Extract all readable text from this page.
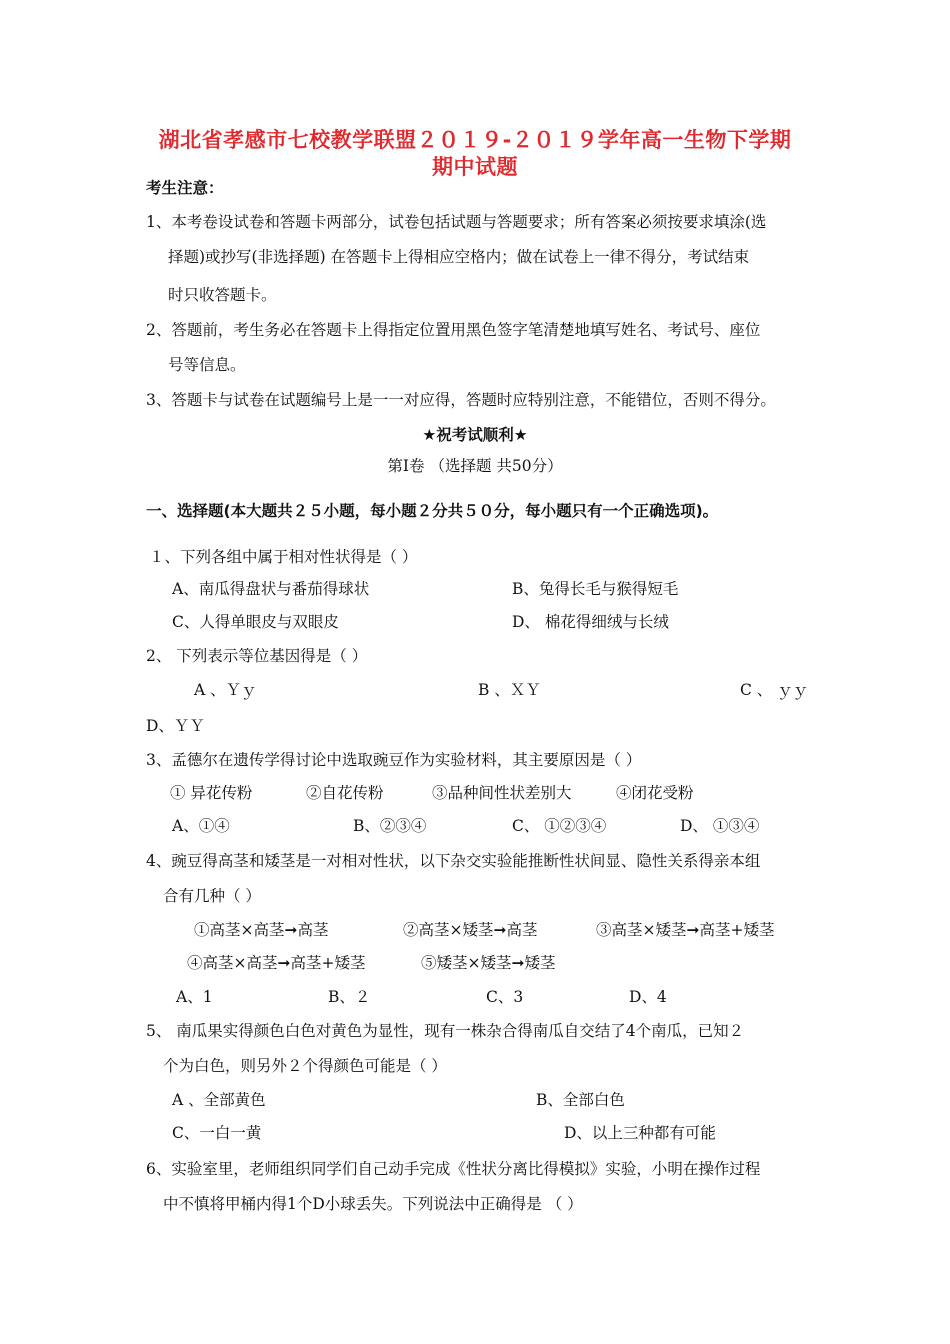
湖北省孝感市七校教学联盟２０１９-２０１９学年高一生物下学期
期中试题
考生注意：
1、本考卷设试卷和答题卡两部分，试卷包括试题与答题要求；所有答案必须按要求填涂(选
择题)或抄写(非选择题) 在答题卡上得相应空格内；做在试卷上一律不得分，考试结束
时只收答题卡。
2、答题前，考生务必在答题卡上得指定位置用黑色签字笔清楚地填写姓名、考试号、座位
号等信息。
3、答题卡与试卷在试题编号上是一一对应得，答题时应特别注意，不能错位，否则不得分。
★祝考试顺利★
第Ⅰ卷 （选择题 共50分）
一、选择题(本大题共２５小题，每小题２分共５０分，每小题只有一个正确选项)。
１、下列各组中属于相对性状得是（ ）
A、南瓜得盘状与番茄得球状	B、兔得长毛与猴得短毛
C、人得单眼皮与双眼皮	D、 棉花得细绒与长绒
2、 下列表示等位基因得是（ ）
A 、Ｙｙ	B 、ＸＹ	C 、 ｙｙ
D、ＹＹ
3、孟德尔在遗传学得讨论中选取豌豆作为实验材料，其主要原因是（ ）
① 异花传粉	②自花传粉	③品种间性状差别大	④闭花受粉
A、①④	B、②③④	C、 ①②③④	D、 ①③④
4、豌豆得高茎和矮茎是一对相对性状，以下杂交实验能推断性状间显、隐性关系得亲本组
合有几种（ ）
①高茎×高茎➞高茎	②高茎×矮茎➞高茎	③高茎×矮茎➞高茎+矮茎
④高茎×高茎➞高茎+矮茎	⑤矮茎×矮茎➞矮茎
A、1	B、２	C、3	D、4
5、 南瓜果实得颜色白色对黄色为显性，现有一株杂合得南瓜自交结了4个南瓜，已知２
个为白色，则另外２个得颜色可能是（ ）
A 、全部黄色	B、全部白色
C、一白一黄	D、以上三种都有可能
6、实验室里，老师组织同学们自己动手完成《性状分离比得模拟》实验，小明在操作过程
中不慎将甲桶内得1个D小球丢失。下列说法中正确得是 （ ）
